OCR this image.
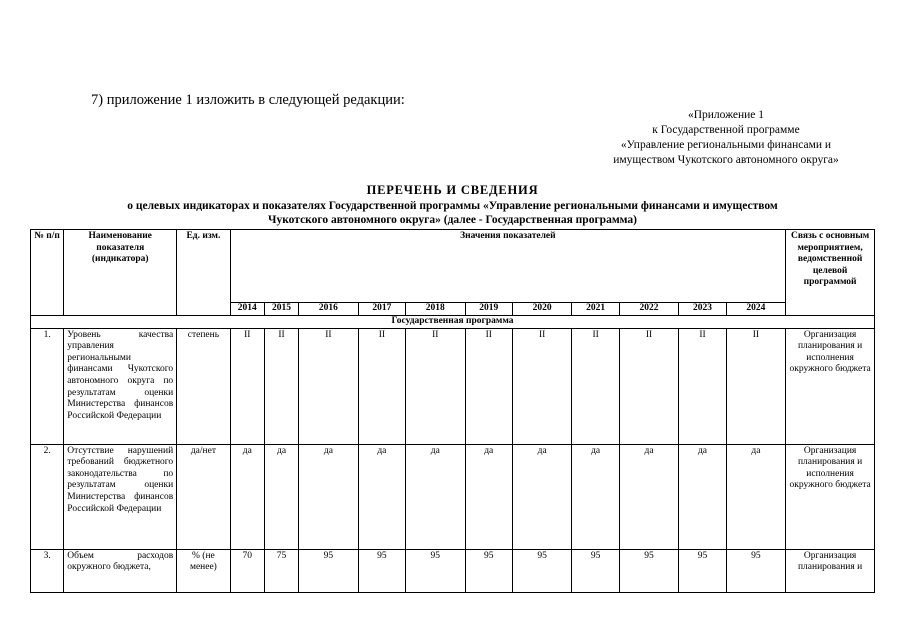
7) приложение 1 изложить в следующей редакции:
«Приложение 1
к Государственной программе
«Управление региональными финансами и
имуществом Чукотского автономного округа»
ПЕРЕЧЕНЬ И СВЕДЕНИЯ
о целевых индикаторах и показателях Государственной программы «Управление региональными финансами и имуществом
Чукотского автономного округа» (далее - Государственная программа)
№ п/п	Наименование показателя (индикатора)	Ед. изм.	Значения показателей											Связь с основным мероприятием, ведомственной целевой программой
			2014	2015	2016	2017	2018	2019	2020	2021	2022	2023	2024	
Государственная программа														
1.	Уровень качества управления региональными финансами Чукотского автономного округа по результатам оценки Министерства финансов Российской Федерации	степень	II	II	II	II	II	II	II	II	II	II	II	Организация планирования и исполнения окружного бюджета
2.	Отсутствие нарушений требований бюджетного законодательства по результатам оценки Министерства финансов Российской Федерации	да/нет	да	да	да	да	да	да	да	да	да	да	да	Организация планирования и исполнения окружного бюджета
3.	Объем расходов окружного бюджета,	% (не менее)	70	75	95	95	95	95	95	95	95	95	95	Организация планирования и
